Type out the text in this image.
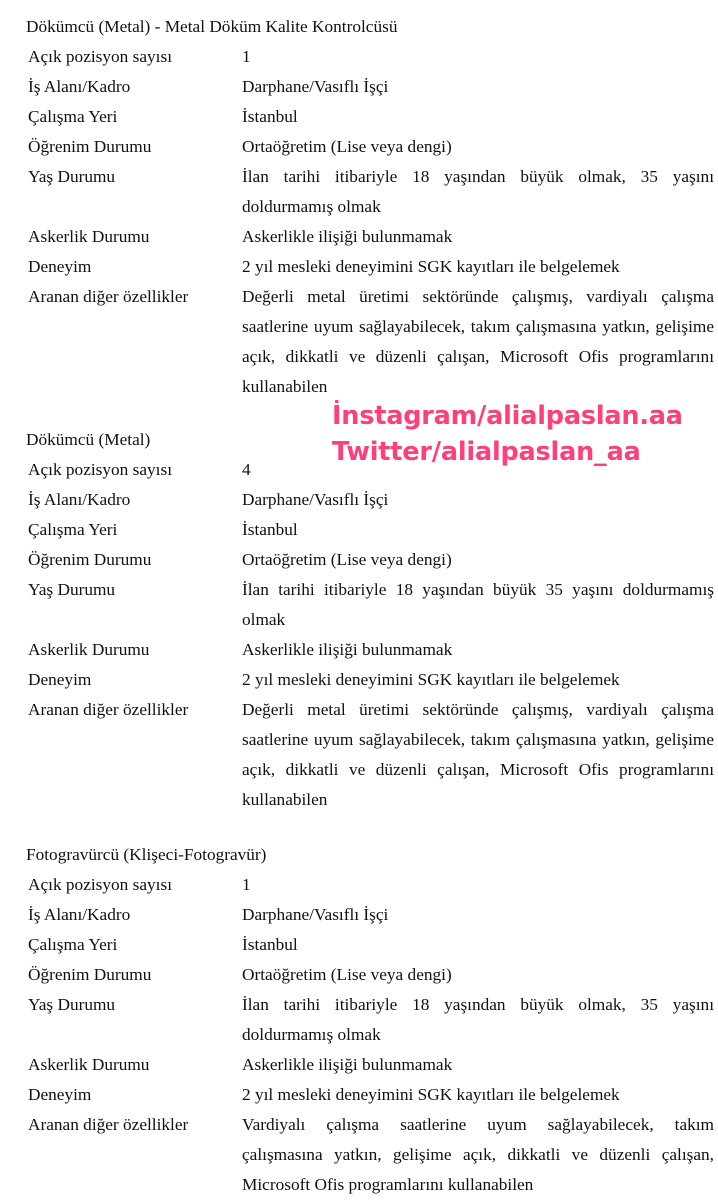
Dökümcü (Metal) - Metal Döküm Kalite Kontrolcüsü
Açık pozisyon sayısı	1
İş Alanı/Kadro	Darphane/Vasıflı İşçi
Çalışma Yeri	İstanbul
Öğrenim Durumu	Ortaöğretim (Lise veya dengi)
Yaş Durumu	İlan tarihi itibariyle 18 yaşından büyük olmak, 35 yaşını doldurmamış olmak
Askerlik Durumu	Askerlikle ilişiği bulunmamak
Deneyim	2 yıl mesleki deneyimini SGK kayıtları ile belgelemek
Aranan diğer özellikler	Değerli metal üretimi sektöründe çalışmış, vardiyalı çalışma saatlerine uyum sağlayabilecek, takım çalışmasına yatkın, gelişime açık, dikkatli ve düzenli çalışan, Microsoft Ofis programlarını kullanabilen
Dökümcü (Metal)
Açık pozisyon sayısı	4
İş Alanı/Kadro	Darphane/Vasıflı İşçi
Çalışma Yeri	İstanbul
Öğrenim Durumu	Ortaöğretim (Lise veya dengi)
Yaş Durumu	İlan tarihi itibariyle 18 yaşından büyük 35 yaşını doldurmamış olmak
Askerlik Durumu	Askerlikle ilişiği bulunmamak
Deneyim	2 yıl mesleki deneyimini SGK kayıtları ile belgelemek
Aranan diğer özellikler	Değerli metal üretimi sektöründe çalışmış, vardiyalı çalışma saatlerine uyum sağlayabilecek, takım çalışmasına yatkın, gelişime açık, dikkatli ve düzenli çalışan, Microsoft Ofis programlarını kullanabilen
Fotogravürcü (Klişeci-Fotogravür)
Açık pozisyon sayısı	1
İş Alanı/Kadro	Darphane/Vasıflı İşçi
Çalışma Yeri	İstanbul
Öğrenim Durumu	Ortaöğretim (Lise veya dengi)
Yaş Durumu	İlan tarihi itibariyle 18 yaşından büyük olmak, 35 yaşını doldurmamış olmak
Askerlik Durumu	Askerlikle ilişiği bulunmamak
Deneyim	2 yıl mesleki deneyimini SGK kayıtları ile belgelemek
Aranan diğer özellikler	Vardiyalı çalışma saatlerine uyum sağlayabilecek, takım çalışmasına yatkın, gelişime açık, dikkatli ve düzenli çalışan, Microsoft Ofis programlarını kullanabilen
İnstagram/alialpaslan.aa
Twitter/alialpaslan_aa
